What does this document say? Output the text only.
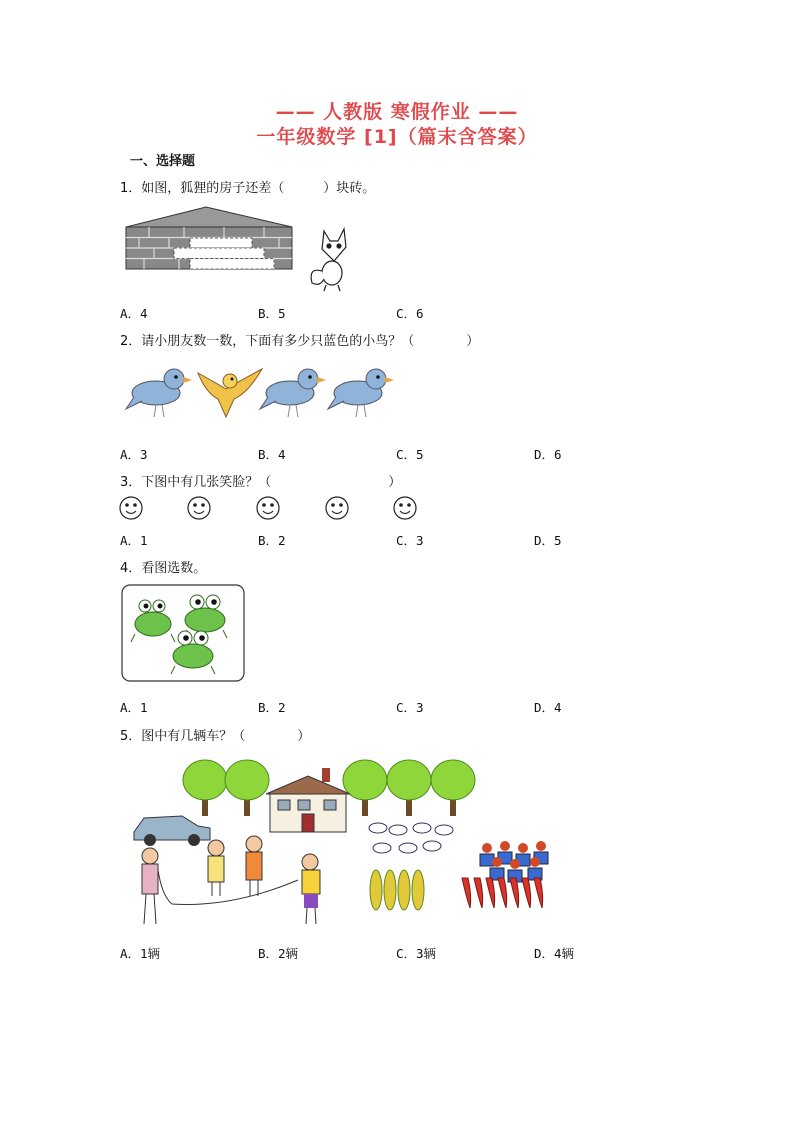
—— 人教版 寒假作业 ——
一年级数学 [1]（篇末含答案）
一、选择题
1．如图，狐狸的房子还差（　　　）块砖。
A．4	B．5	C．6
2．请小朋友数一数，下面有多少只蓝色的小鸟？（　　　　）
A．3	B．4	C．5	D．6
3．下图中有几张笑脸？（　　　　　　　　　）
A．1	B．2	C．3	D．5
4．看图选数。
A．1	B．2	C．3	D．4
5．图中有几辆车？（　　　　）
A．1辆	B．2辆	C．3辆	D．4辆
